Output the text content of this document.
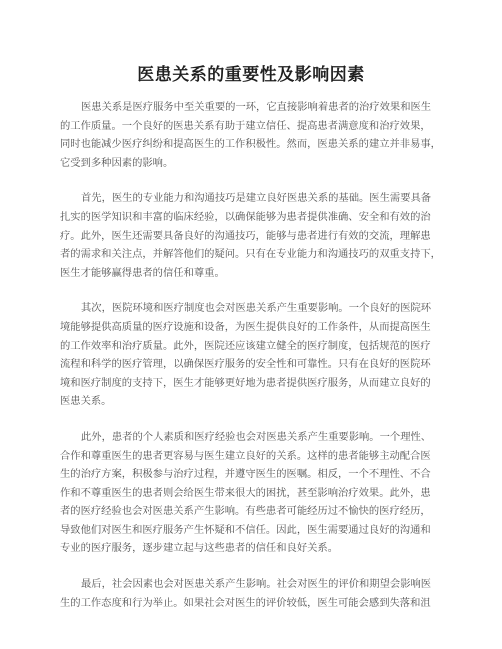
医患关系的重要性及影响因素

医患关系是医疗服务中至关重要的一环，它直接影响着患者的治疗效果和医生
的工作质量。一个良好的医患关系有助于建立信任、提高患者满意度和治疗效果，
同时也能减少医疗纠纷和提高医生的工作积极性。然而，医患关系的建立并非易事，
它受到多种因素的影响。

首先，医生的专业能力和沟通技巧是建立良好医患关系的基础。医生需要具备
扎实的医学知识和丰富的临床经验，以确保能够为患者提供准确、安全和有效的治
疗。此外，医生还需要具备良好的沟通技巧，能够与患者进行有效的交流，理解患
者的需求和关注点，并解答他们的疑问。只有在专业能力和沟通技巧的双重支持下，
医生才能够赢得患者的信任和尊重。

其次，医院环境和医疗制度也会对医患关系产生重要影响。一个良好的医院环
境能够提供高质量的医疗设施和设备，为医生提供良好的工作条件，从而提高医生
的工作效率和治疗质量。此外，医院还应该建立健全的医疗制度，包括规范的医疗
流程和科学的医疗管理，以确保医疗服务的安全性和可靠性。只有在良好的医院环
境和医疗制度的支持下，医生才能够更好地为患者提供医疗服务，从而建立良好的
医患关系。

此外，患者的个人素质和医疗经验也会对医患关系产生重要影响。一个理性、
合作和尊重医生的患者更容易与医生建立良好的关系。这样的患者能够主动配合医
生的治疗方案，积极参与治疗过程，并遵守医生的医嘱。相反，一个不理性、不合
作和不尊重医生的患者则会给医生带来很大的困扰，甚至影响治疗效果。此外，患
者的医疗经验也会对医患关系产生影响。有些患者可能经历过不愉快的医疗经历，
导致他们对医生和医疗服务产生怀疑和不信任。因此，医生需要通过良好的沟通和
专业的医疗服务，逐步建立起与这些患者的信任和良好关系。

最后，社会因素也会对医患关系产生影响。社会对医生的评价和期望会影响医
生的工作态度和行为举止。如果社会对医生的评价较低，医生可能会感到失落和沮
